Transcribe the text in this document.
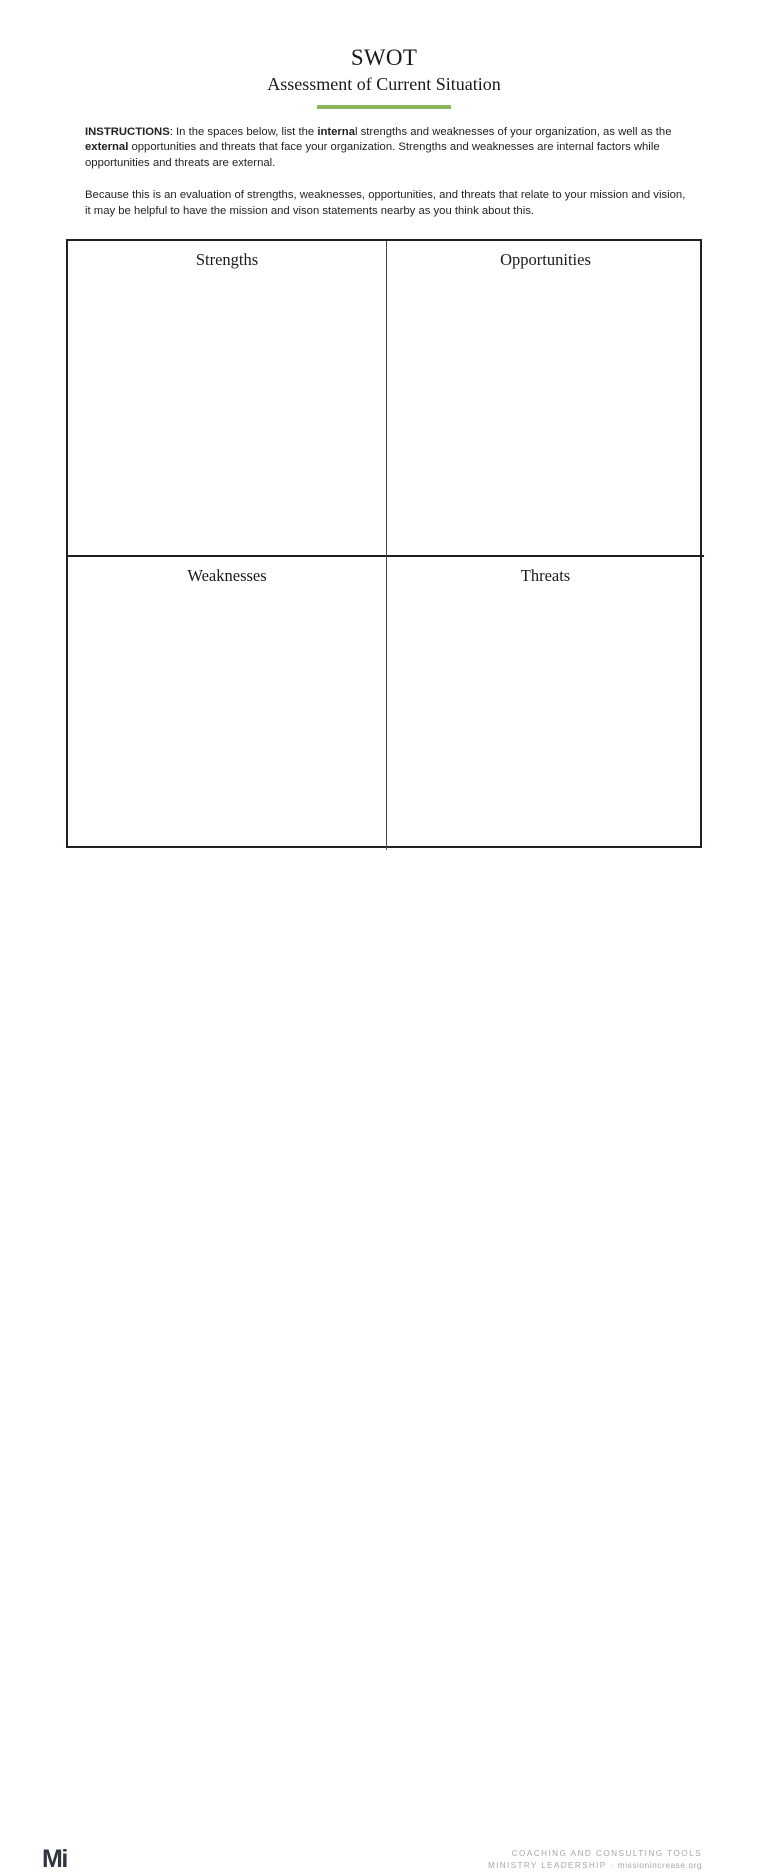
SWOT
Assessment of Current Situation

INSTRUCTIONS: In the spaces below, list the internal strengths and weaknesses of your organization, as well as the external opportunities and threats that face your organization. Strengths and weaknesses are internal factors while opportunities and threats are external.

Because this is an evaluation of strengths, weaknesses, opportunities, and threats that relate to your mission and vision, it may be helpful to have the mission and vison statements nearby as you think about this.

Strengths	Opportunities
Weaknesses	Threats
Mi	COACHING AND CONSULTING TOOLS
MINISTRY LEADERSHIP · missionincrease.org
